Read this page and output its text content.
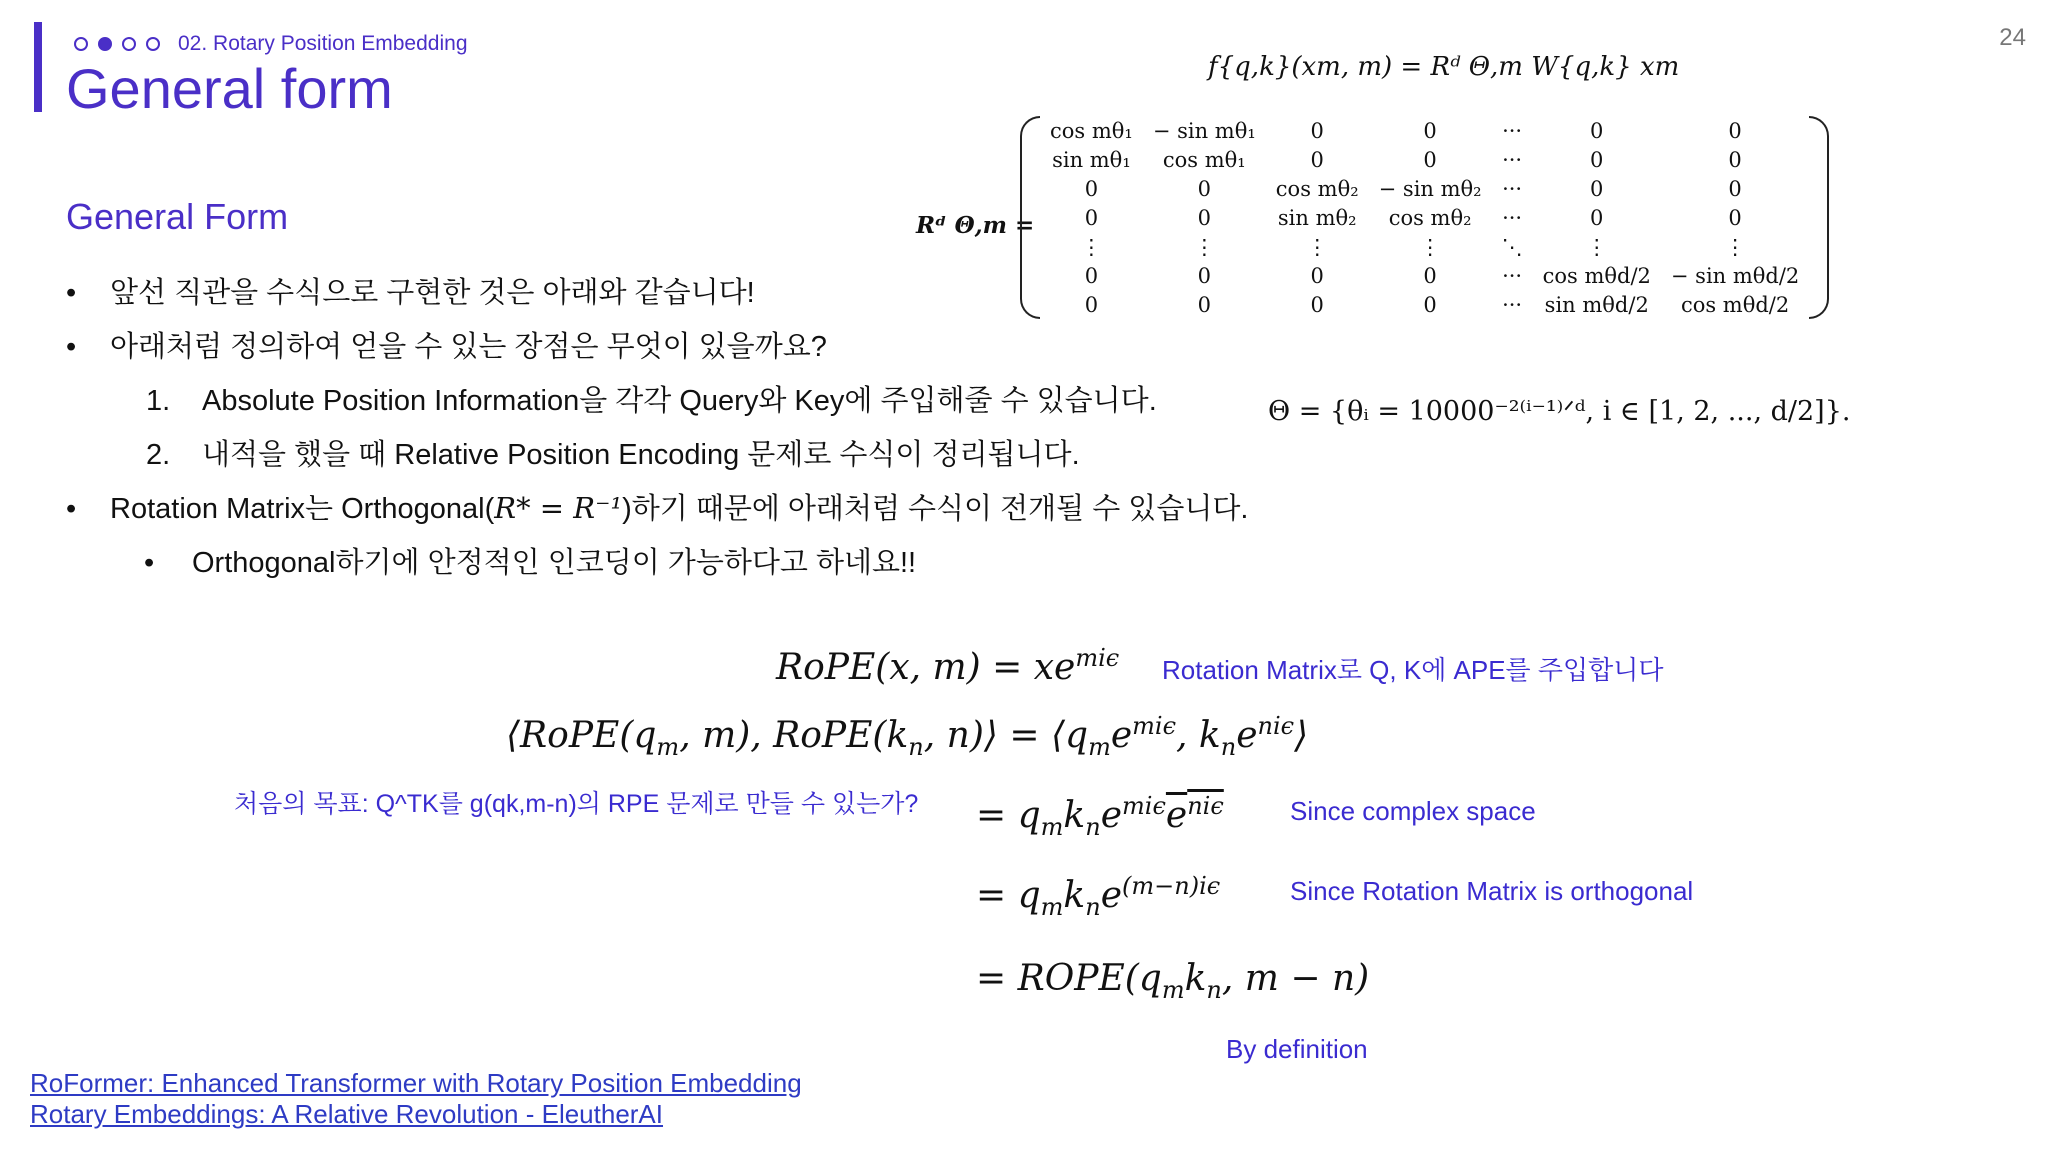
02. Rotary Position Embedding	24
General form
General Form
•	앞선 직관을 수식으로 구현한 것은 아래와 같습니다!
•	아래처럼 정의하여 얻을 수 있는 장점은 무엇이 있을까요?
1.	Absolute Position Information을 각각 Query와 Key에 주입해줄 수 있습니다.
2.	내적을 했을 때 Relative Position Encoding 문제로 수식이 정리됩니다.
•	Rotation Matrix는 Orthogonal( R* = R⁻¹ )하기 때문에 아래처럼 수식이 전개될 수 있습니다.
•	Orthogonal하기에 안정적인 인코딩이 가능하다고 하네요!!
f{q,k}(xm, m) = Rᵈ Θ,m W{q,k} xm
Rᵈ Θ,m =
cos mθ₁	− sin mθ₁	0	0	···	0	0
sin mθ₁	cos mθ₁	0	0	···	0	0
0	0	cos mθ₂	− sin mθ₂	···	0	0
0	0	sin mθ₂	cos mθ₂	···	0	0
⋮	⋮	⋮	⋮	⋱	⋮	⋮
0	0	0	0	···	cos mθd/2	− sin mθd/2
0	0	0	0	···	sin mθd/2	cos mθd/2
Θ = {θᵢ = 10000⁻²⁽ⁱ⁻¹⁾ᐟᵈ, i ∈ [1, 2, ..., d/2]}.
RoPE(x, $m) = xe^{mi\epsilon}$
$⟨RoPE(q_m$, m), $RoPE(k_n$, n)⟩ = $⟨q_me^{mi\epsilon}$, $k_ne^{ni\epsilon}⟩$
= $q_mk_ne^{mi\epsilon}e^{ni\epsilon}$
= $q_mk_ne^{(m-n)i\epsilon}$
= $ROPE(q_mk_n$, m − n)
Rotation Matrix로 Q, K에 APE를 주입합니다
Since complex space
Since Rotation Matrix is orthogonal
By definition
처음의 목표: Q^TK를 g(qk,m-n)의 RPE 문제로 만들 수 있는가?
RoFormer: Enhanced Transformer with Rotary Position Embedding
Rotary Embeddings: A Relative Revolution - EleutherAI
